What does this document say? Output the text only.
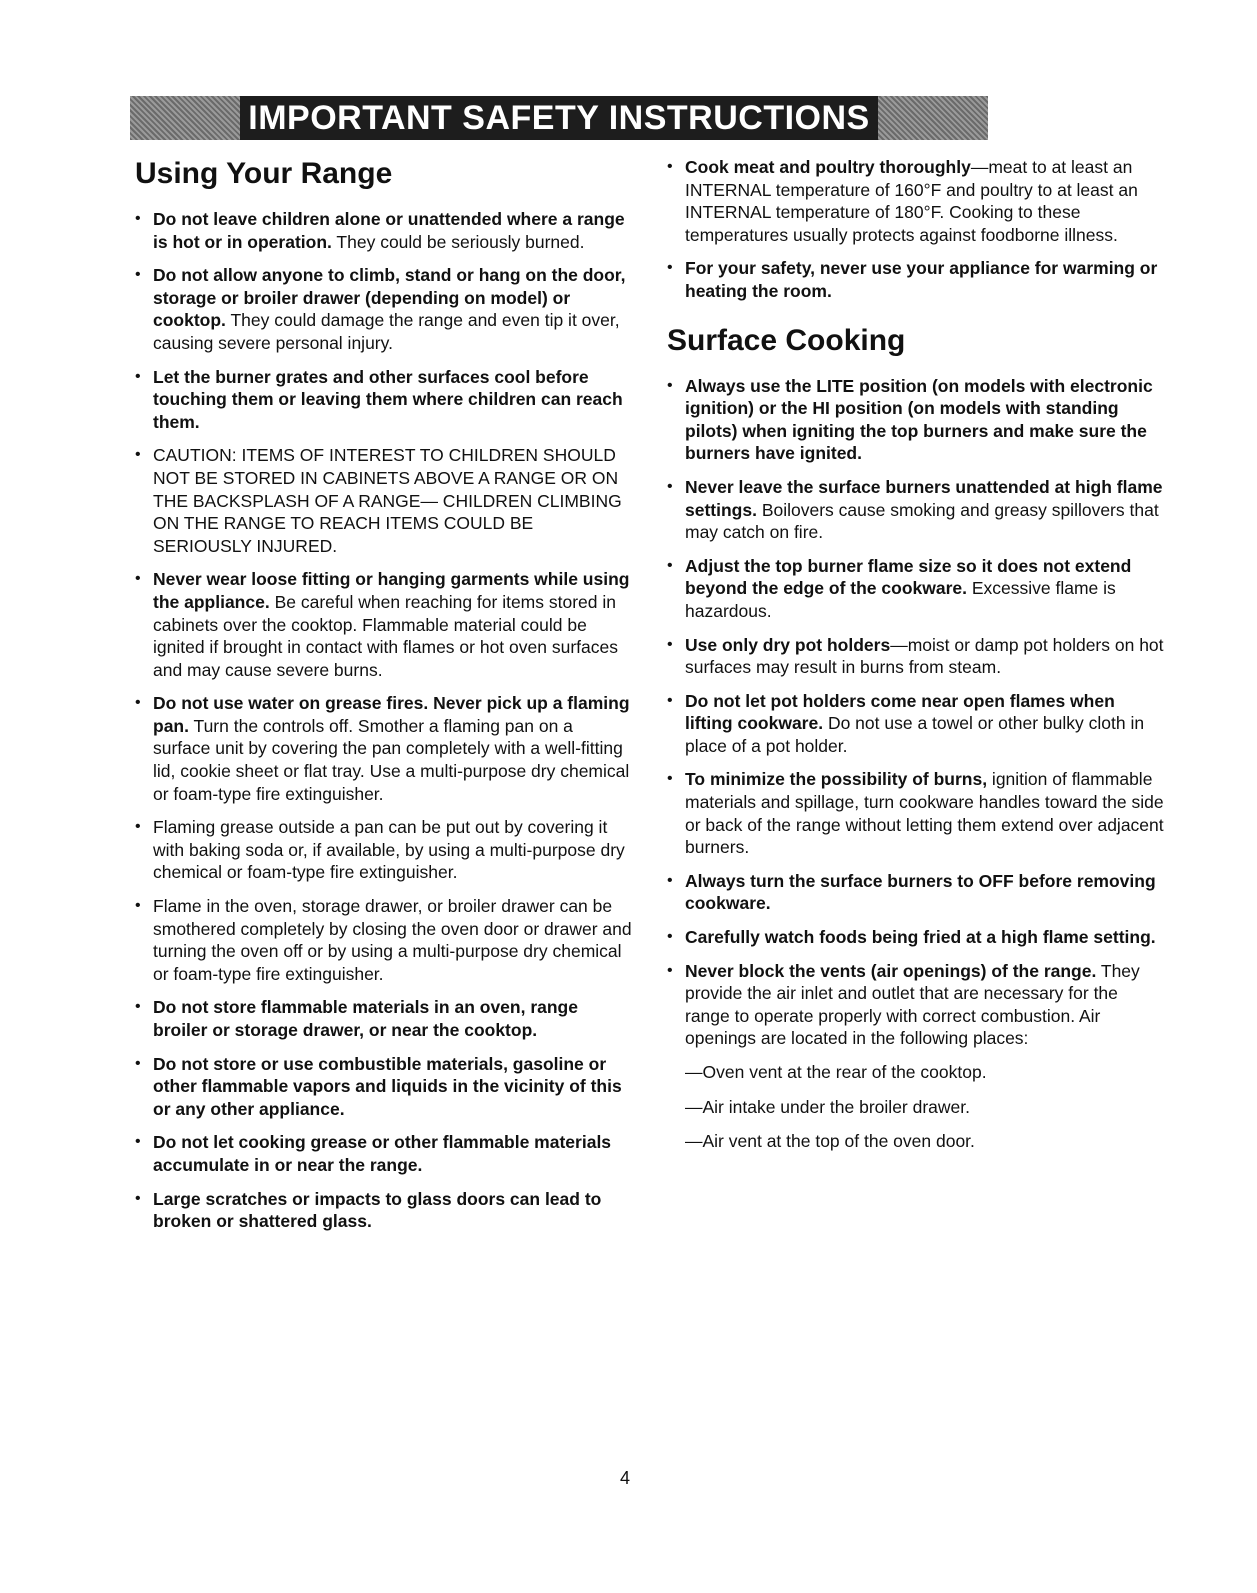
IMPORTANT SAFETY INSTRUCTIONS
Using Your Range
• Do not leave children alone or unattended where a range is hot or in operation. They could be seriously burned.
• Do not allow anyone to climb, stand or hang on the door, storage or broiler drawer (depending on model) or cooktop. They could damage the range and even tip it over, causing severe personal injury.
• Let the burner grates and other surfaces cool before touching them or leaving them where children can reach them.
• CAUTION: ITEMS OF INTEREST TO CHILDREN SHOULD NOT BE STORED IN CABINETS ABOVE A RANGE OR ON THE BACKSPLASH OF A RANGE— CHILDREN CLIMBING ON THE RANGE TO REACH ITEMS COULD BE SERIOUSLY INJURED.
• Never wear loose fitting or hanging garments while using the appliance. Be careful when reaching for items stored in cabinets over the cooktop. Flammable material could be ignited if brought in contact with flames or hot oven surfaces and may cause severe burns.
• Do not use water on grease fires. Never pick up a flaming pan. Turn the controls off. Smother a flaming pan on a surface unit by covering the pan completely with a well-fitting lid, cookie sheet or flat tray. Use a multi-purpose dry chemical or foam-type fire extinguisher.
• Flaming grease outside a pan can be put out by covering it with baking soda or, if available, by using a multi-purpose dry chemical or foam-type fire extinguisher.
• Flame in the oven, storage drawer, or broiler drawer can be smothered completely by closing the oven door or drawer and turning the oven off or by using a multi-purpose dry chemical or foam-type fire extinguisher.
• Do not store flammable materials in an oven, range broiler or storage drawer, or near the cooktop.
• Do not store or use combustible materials, gasoline or other flammable vapors and liquids in the vicinity of this or any other appliance.
• Do not let cooking grease or other flammable materials accumulate in or near the range.
• Large scratches or impacts to glass doors can lead to broken or shattered glass.
• Cook meat and poultry thoroughly—meat to at least an INTERNAL temperature of 160°F and poultry to at least an INTERNAL temperature of 180°F. Cooking to these temperatures usually protects against foodborne illness.
• For your safety, never use your appliance for warming or heating the room.
Surface Cooking
• Always use the LITE position (on models with electronic ignition) or the HI position (on models with standing pilots) when igniting the top burners and make sure the burners have ignited.
• Never leave the surface burners unattended at high flame settings. Boilovers cause smoking and greasy spillovers that may catch on fire.
• Adjust the top burner flame size so it does not extend beyond the edge of the cookware. Excessive flame is hazardous.
• Use only dry pot holders—moist or damp pot holders on hot surfaces may result in burns from steam.
• Do not let pot holders come near open flames when lifting cookware. Do not use a towel or other bulky cloth in place of a pot holder.
• To minimize the possibility of burns, ignition of flammable materials and spillage, turn cookware handles toward the side or back of the range without letting them extend over adjacent burners.
• Always turn the surface burners to OFF before removing cookware.
• Carefully watch foods being fried at a high flame setting.
• Never block the vents (air openings) of the range. They provide the air inlet and outlet that are necessary for the range to operate properly with correct combustion. Air openings are located in the following places:
—Oven vent at the rear of the cooktop.
—Air intake under the broiler drawer.
—Air vent at the top of the oven door.
4
